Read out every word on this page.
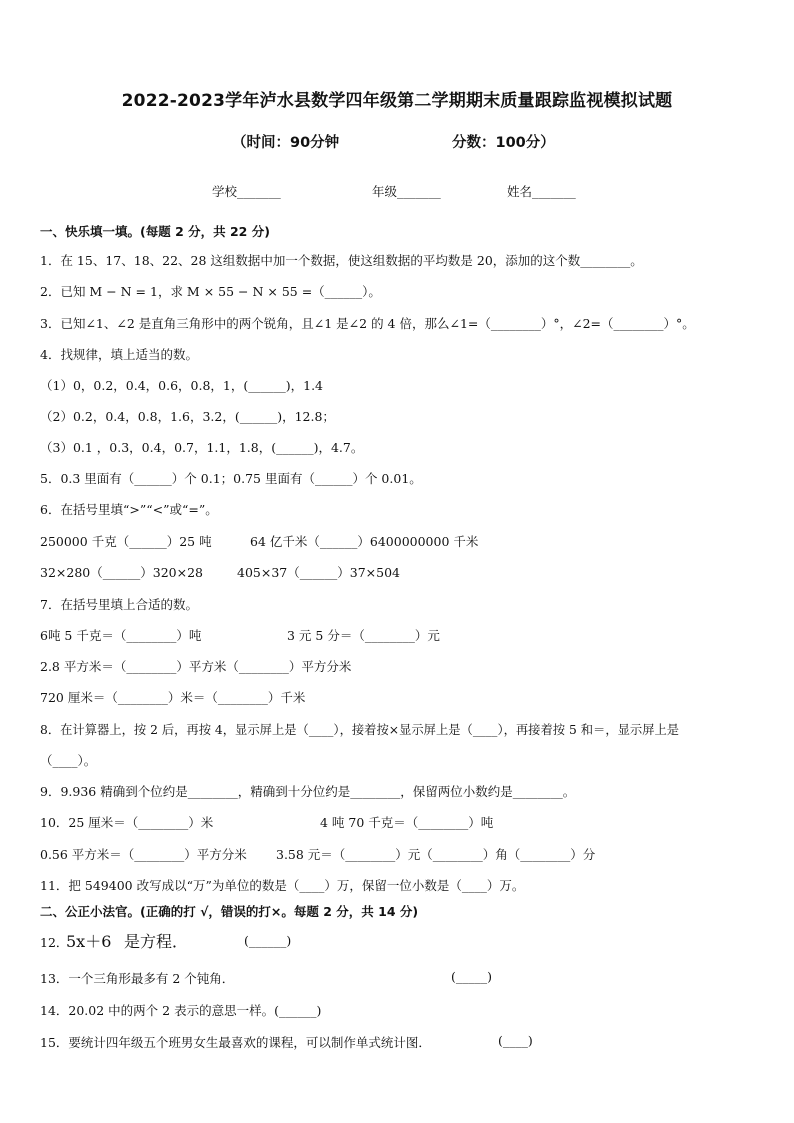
2022-2023学年泸水县数学四年级第二学期期末质量跟踪监视模拟试题
（时间：90分钟	分数：100分）
学校_______	年级_______	姓名_______
一、快乐填一填。(每题 2 分，共 22 分)
1．在 15、17、18、22、28 这组数据中加一个数据，使这组数据的平均数是 20，添加的这个数________。
2．已知 M − N = 1，求 M × 55 − N × 55 =（______）。
3．已知∠1、∠2 是直角三角形中的两个锐角，且∠1 是∠2 的 4 倍，那么∠1=（________）°，∠2=（________）°。
4．找规律，填上适当的数。
（1）0，0.2，0.4，0.6，0.8，1，(______)，1.4
（2）0.2，0.4，0.8，1.6，3.2，(______)，12.8；
（3）0.1 ，0.3，0.4，0.7，1.1，1.8，(______)，4.7。
5．0.3 里面有（______）个 0.1；0.75 里面有（______）个 0.01。
6．在括号里填“>”“<”或“=”。
250000 千克（______）25 吨	64 亿千米（______）6400000000 千米
32×280（______）320×28	405×37（______）37×504
7．在括号里填上合适的数。
6吨 5 千克＝（________）吨	3 元 5 分＝（________）元
2.8 平方米＝（________）平方米（________）平方分米
720 厘米＝（________）米＝（________）千米
8．在计算器上，按 2 后，再按 4，显示屏上是（____），接着按×显示屏上是（____），再接着按 5 和＝，显示屏上是
（____）。
9．9.936 精确到个位约是________，精确到十分位约是________，保留两位小数约是________。
10．25 厘米＝（________）米	4 吨 70 千克＝（________）吨
0.56 平方米＝（________）平方分米 3.58 元＝（________）元（________）角（________）分
11．把 549400 改写成以“万”为单位的数是（____）万，保留一位小数是（____）万。
二、公正小法官。(正确的打 √，错误的打×。每题 2 分，共 14 分)
12．
5x＋6 是方程．	(______)
13．一个三角形最多有 2 个钝角．	(_____)
14．20.02 中的两个 2 表示的意思一样。(______)
15．要统计四年级五个班男女生最喜欢的课程，可以制作单式统计图．	(____)
